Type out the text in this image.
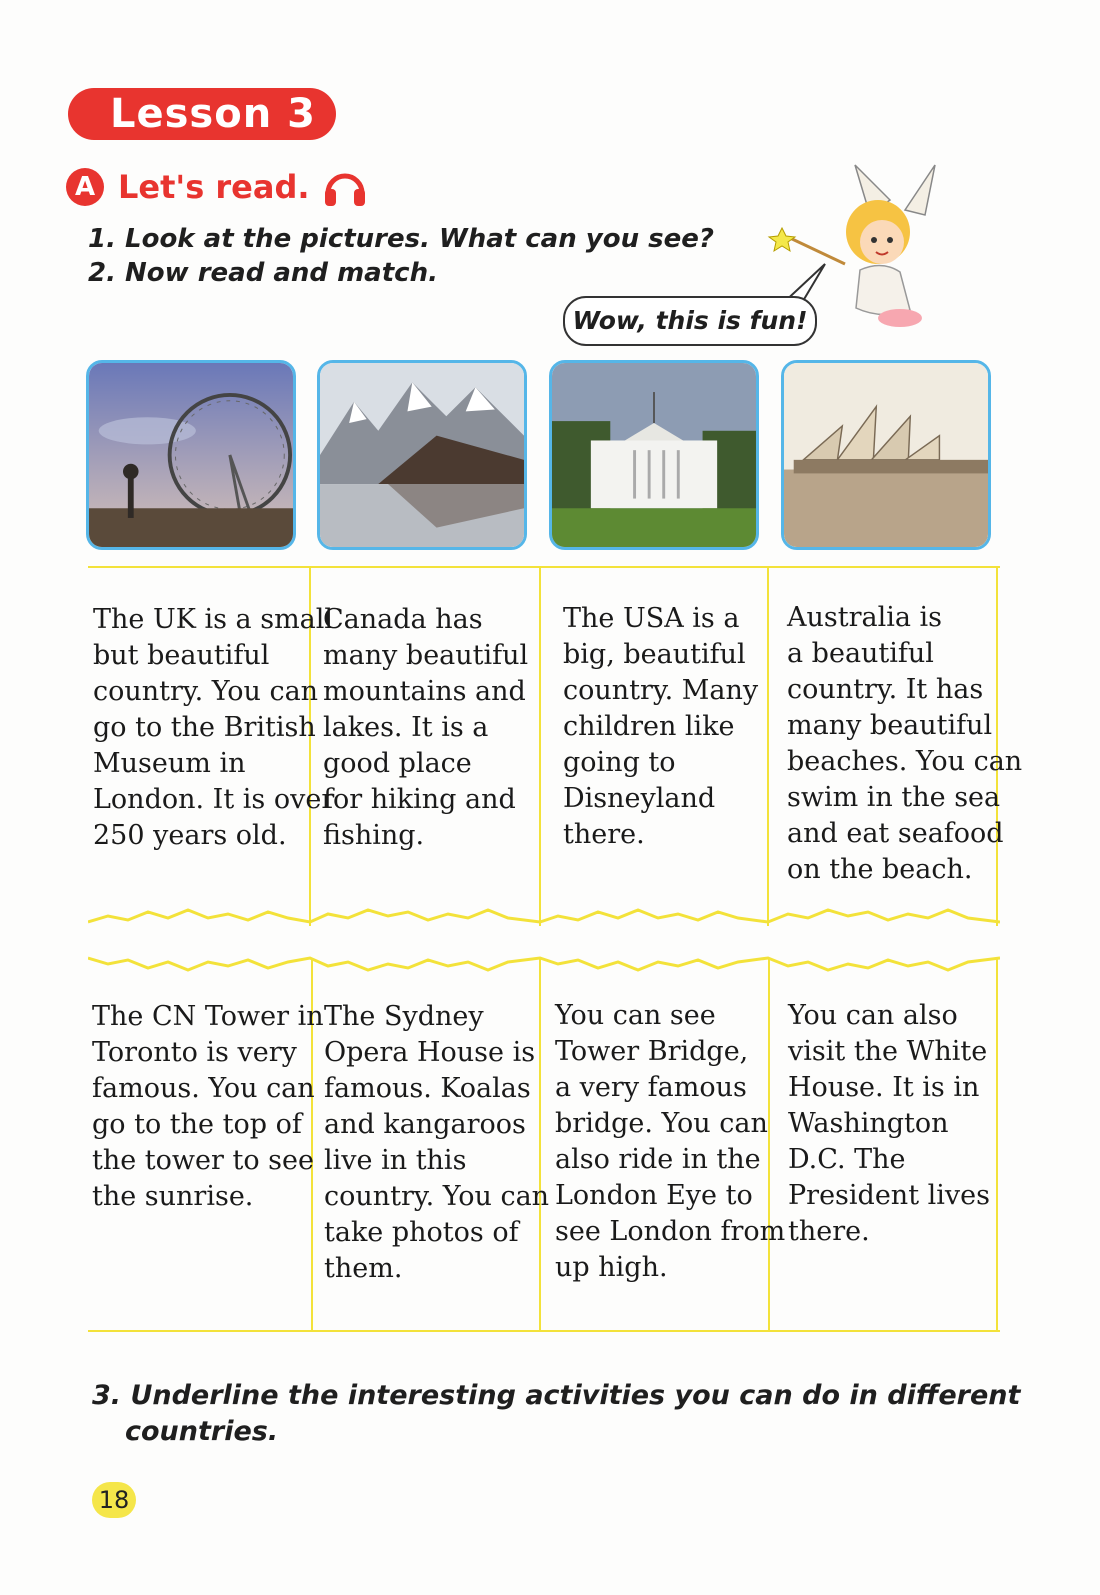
Lesson 3
A Let's read.
1. Look at the pictures. What can you see?
2. Now read and match.
Wow, this is fun!

The UK is a small

but beautiful

country. You can

go to the British

Museum in

London. It is over

250 years old.

Canada has

many beautiful

mountains and

lakes. It is a

good place

for hiking and

fishing.

The USA is a

big, beautiful

country. Many

children like

going to

Disneyland

there.

Australia is

a beautiful

country. It has

many beautiful

beaches. You can

swim in the sea

and eat seafood

on the beach.

The CN Tower in

Toronto is very

famous. You can

go to the top of

the tower to see

the sunrise.

The Sydney

Opera House is

famous. Koalas

and kangaroos

live in this

country. You can

take photos of

them.

You can see

Tower Bridge,

a very famous

bridge. You can

also ride in the

London Eye to

see London from

up high.

You can also

visit the White

House. It is in

Washington

D.C. The

President lives

there.

3. Underline the interesting activities you can do in different
countries.
18
